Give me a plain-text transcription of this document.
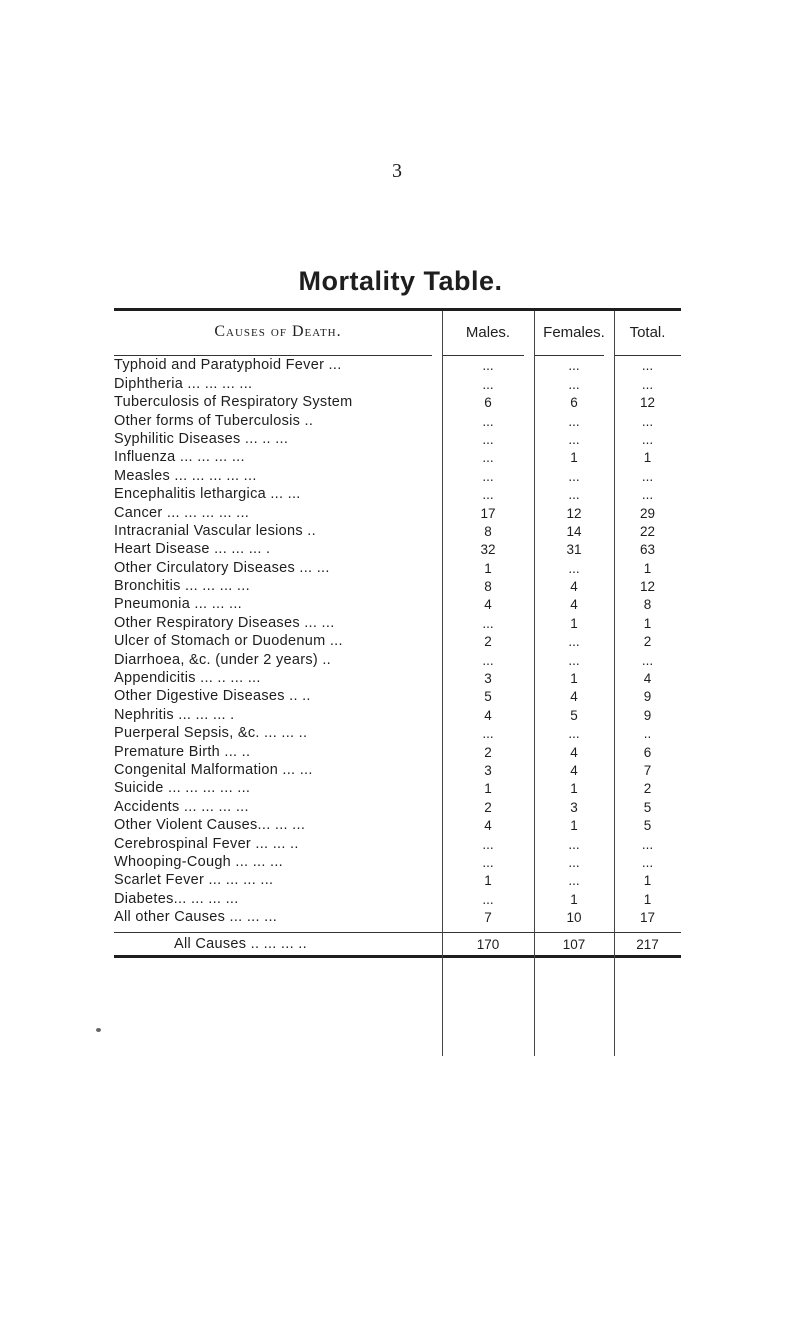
3
Mortality Table.
Causes of Death.	Males.	Females.	Total.
Typhoid and Paratyphoid Fever ...	...	...	...
Diphtheria ... ... ... ...	...	...	...
Tuberculosis of Respiratory System	6	6	12
Other forms of Tuberculosis ..	...	...	...
Syphilitic Diseases ... .. ...	...	...	...
Influenza ... ... ... ...	...	1	1
Measles ... ... ... ... ...	...	...	...
Encephalitis lethargica ... ...	...	...	...
Cancer ... ... ... ... ...	17	12	29
Intracranial Vascular lesions ..	8	14	22
Heart Disease ... ... ... .	32	31	63
Other Circulatory Diseases ... ...	1	...	1
Bronchitis ... ... ... ...	8	4	12
Pneumonia ... ... ...	4	4	8
Other Respiratory Diseases ... ...	...	1	1
Ulcer of Stomach or Duodenum ...	2	...	2
Diarrhoea, &c. (under 2 years) ..	...	...	...
Appendicitis ... .. ... ...	3	1	4
Other Digestive Diseases .. ..	5	4	9
Nephritis ... ... ... .	4	5	9
Puerperal Sepsis, &c. ... ... ..	...	...	..
Premature Birth ... ..	2	4	6
Congenital Malformation ... ...	3	4	7
Suicide ... ... ... ... ...	1	1	2
Accidents ... ... ... ...	2	3	5
Other Violent Causes... ... ...	4	1	5
Cerebrospinal Fever ... ... ..	...	...	...
Whooping-Cough ... ... ...	...	...	...
Scarlet Fever ... ... ... ...	1	...	1
Diabetes... ... ... ...	...	1	1
All other Causes ... ... ...	7	10	17
All Causes .. ... ... ..	170	107	217
